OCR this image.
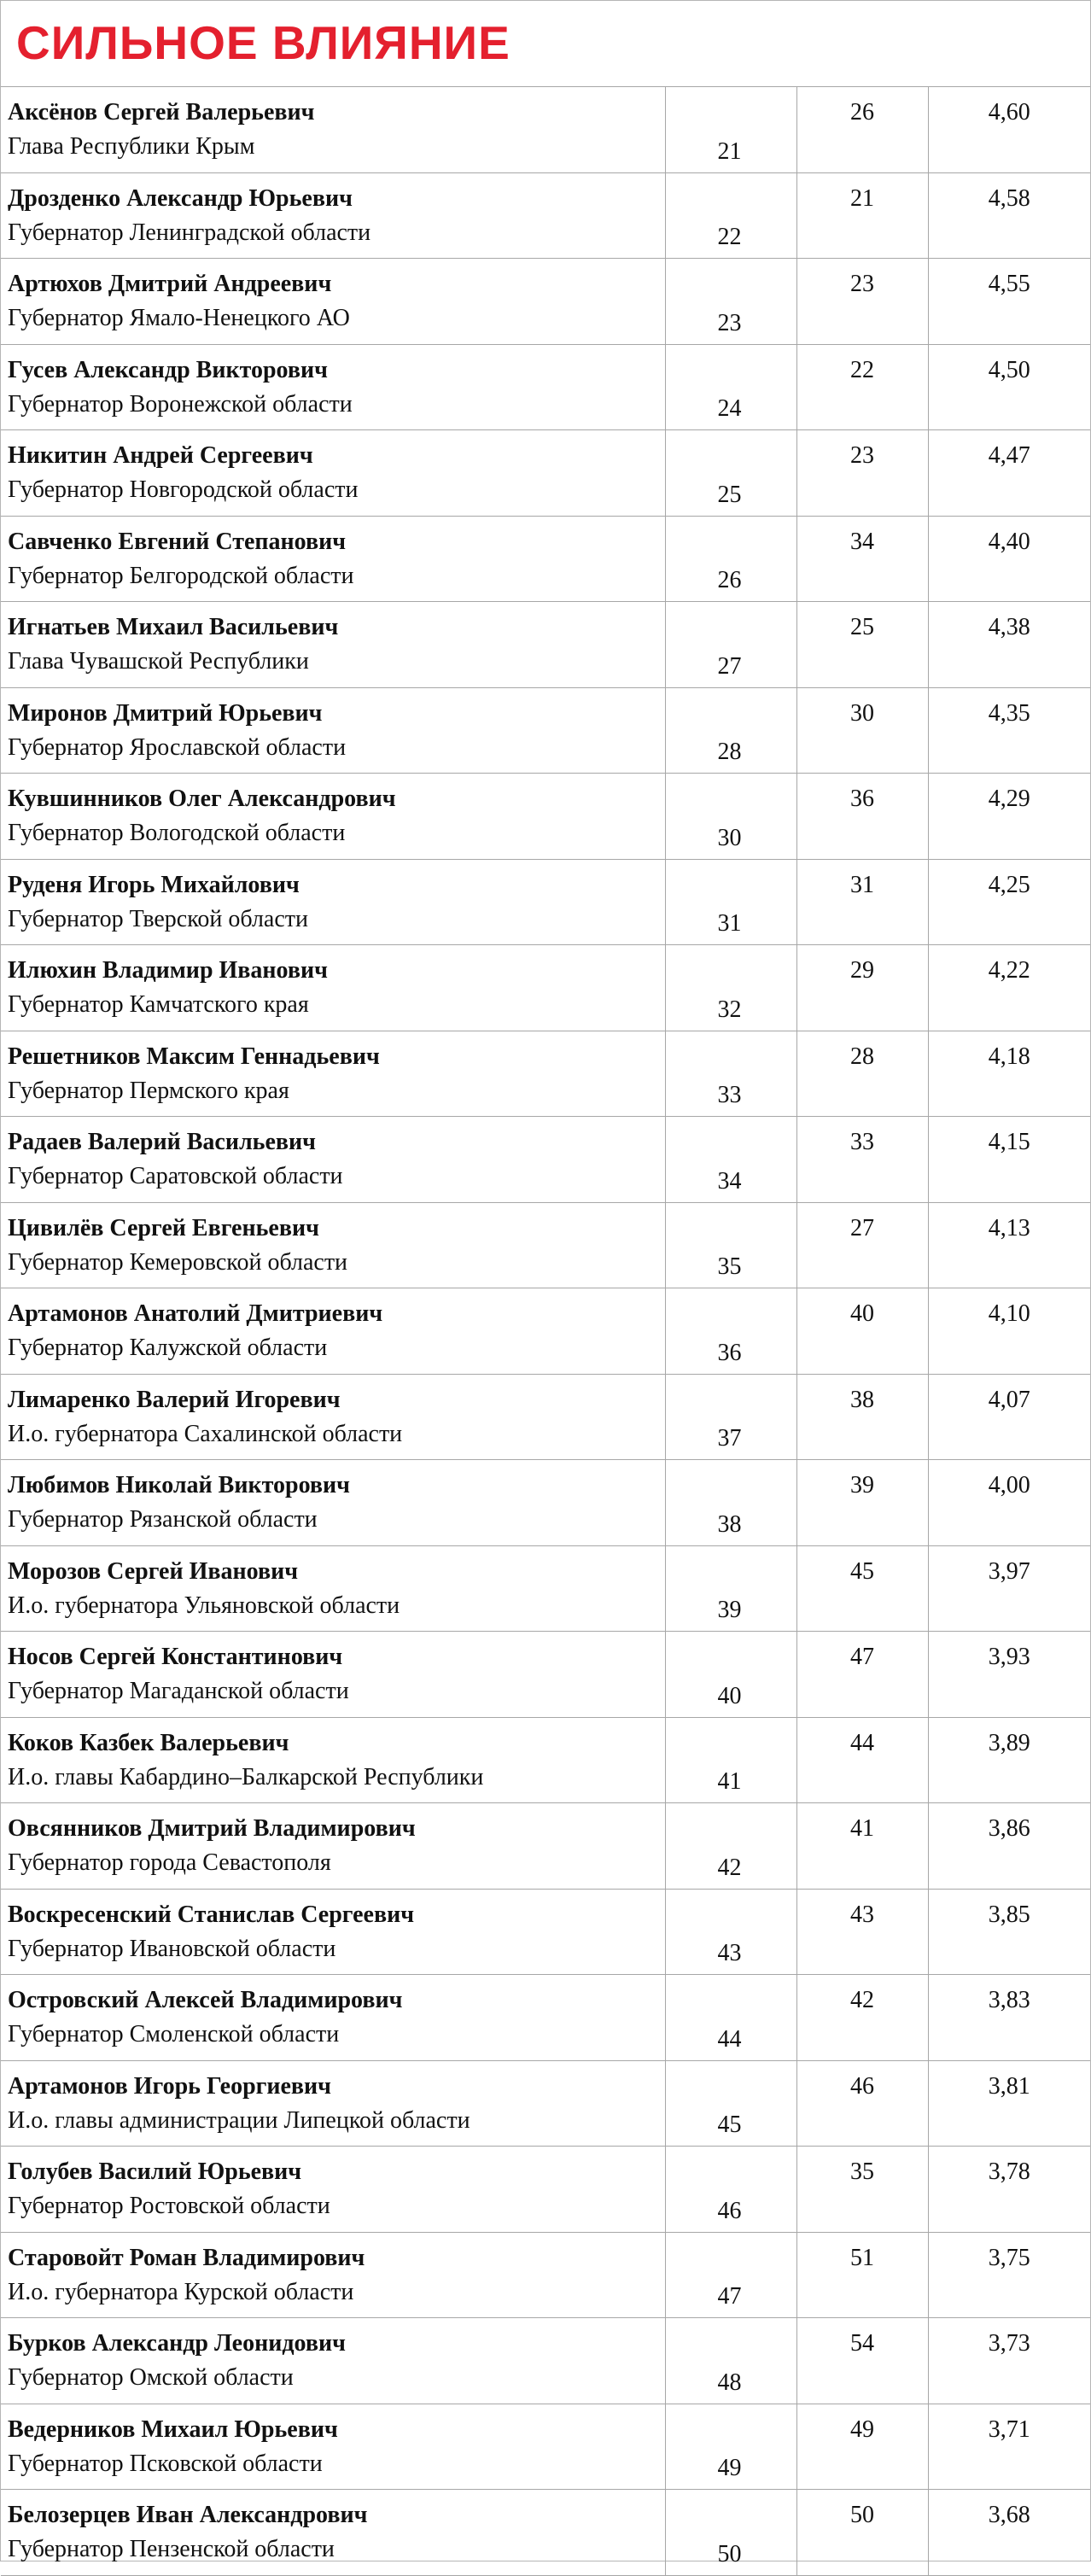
СИЛЬНОЕ ВЛИЯНИЕ
Аксёнов Сергей Валерьевич
Глава Республики Крым	21	26	4,60

Дрозденко Александр Юрьевич
Губернатор Ленинградской области	22	21	4,58

Артюхов Дмитрий Андреевич
Губернатор Ямало-Ненецкого АО	23	23	4,55

Гусев Александр Викторович
Губернатор Воронежской области	24	22	4,50

Никитин Андрей Сергеевич
Губернатор Новгородской области	25	23	4,47

Савченко Евгений Степанович
Губернатор Белгородской области	26	34	4,40

Игнатьев Михаил Васильевич
Глава Чувашской Республики	27	25	4,38

Миронов Дмитрий Юрьевич
Губернатор Ярославской области	28	30	4,35

Кувшинников Олег Александрович
Губернатор Вологодской области	30	36	4,29

Руденя Игорь Михайлович
Губернатор Тверской области	31	31	4,25

Илюхин Владимир Иванович
Губернатор Камчатского края	32	29	4,22

Решетников Максим Геннадьевич
Губернатор Пермского края	33	28	4,18

Радаев Валерий Васильевич
Губернатор Саратовской области	34	33	4,15

Цивилёв Сергей Евгеньевич
Губернатор Кемеровской области	35	27	4,13

Артамонов Анатолий Дмитриевич
Губернатор Калужской области	36	40	4,10

Лимаренко Валерий Игоревич
И.о. губернатора Сахалинской области	37	38	4,07

Любимов Николай Викторович
Губернатор Рязанской области	38	39	4,00

Морозов Сергей Иванович
И.о. губернатора Ульяновской области	39	45	3,97

Носов Сергей Константинович
Губернатор Магаданской области	40	47	3,93

Коков Казбек Валерьевич
И.о. главы Кабардино–Балкарской Республики	41	44	3,89

Овсянников Дмитрий Владимирович
Губернатор города Севастополя	42	41	3,86

Воскресенский Станислав Сергеевич
Губернатор Ивановской области	43	43	3,85

Островский Алексей Владимирович
Губернатор Смоленской области	44	42	3,83

Артамонов Игорь Георгиевич
И.о. главы администрации Липецкой области	45	46	3,81

Голубев Василий Юрьевич
Губернатор Ростовской области	46	35	3,78

Старовойт Роман Владимирович
И.о. губернатора Курской области	47	51	3,75

Бурков Александр Леонидович
Губернатор Омской области	48	54	3,73

Ведерников Михаил Юрьевич
Губернатор Псковской области	49	49	3,71

Белозерцев Иван Александрович
Губернатор Пензенской области	50	50	3,68
